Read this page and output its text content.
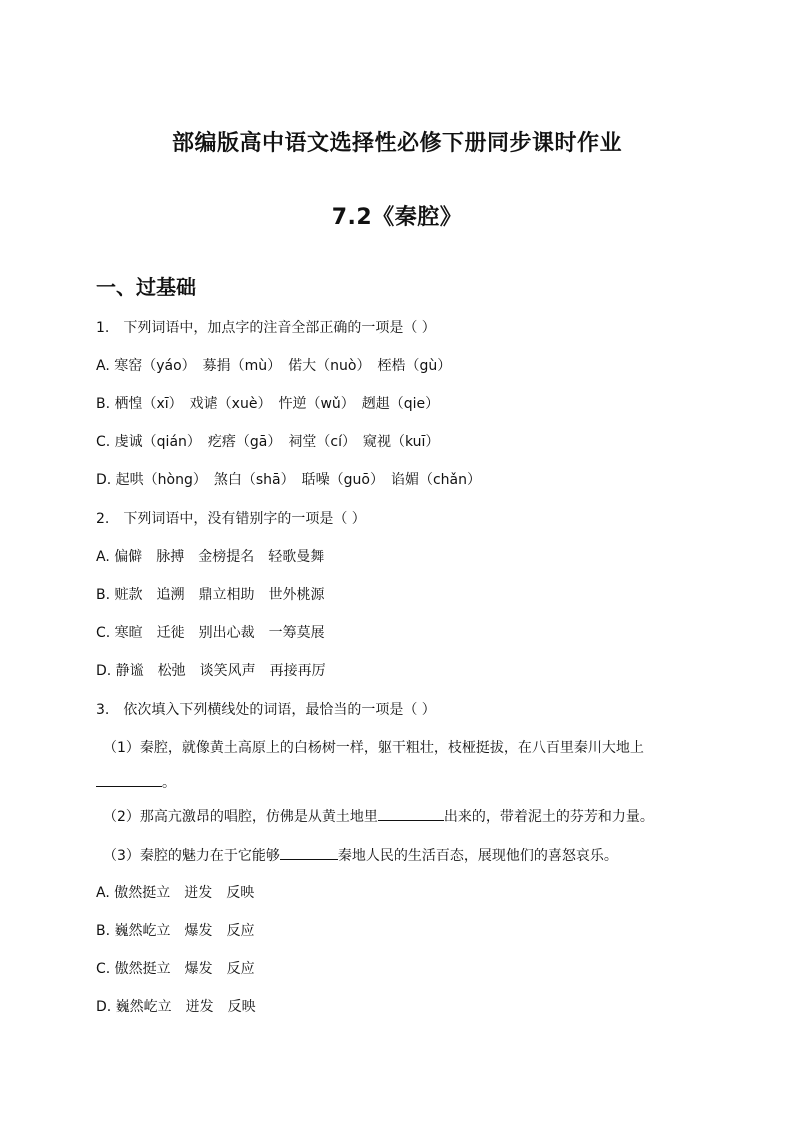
部编版高中语文选择性必修下册同步课时作业
7.2《秦腔》
一、过基础
1.　下列词语中，加点字的注音全部正确的一项是（ ）
A. 寒窑（yáo）　募捐（mù）　偌大（nuò）　桎梏（gù）
B. 栖惶（xī）　戏谑（xuè）　忤逆（wǔ）　趔趄（qie）
C. 虔诚（qián）　疙瘩（gā）　祠堂（cí）　窥视（kuī）
D. 起哄（hòng）　煞白（shā）　聒噪（guō）　谄媚（chǎn）
2.　下列词语中，没有错别字的一项是（ ）
A. 偏僻　脉搏　金榜提名　轻歌曼舞
B. 赃款　追溯　鼎立相助　世外桃源
C. 寒暄　迁徙　别出心裁　一筹莫展
D. 静谧　松弛　谈笑风声　再接再厉
3.　依次填入下列横线处的词语，最恰当的一项是（ ）
（1）秦腔，就像黄土高原上的白杨树一样，躯干粗壮，枝桠挺拔，在八百里秦川大地上
。
（2）那高亢激昂的唱腔，仿佛是从黄土地里	出来的，带着泥土的芬芳和力量。
（3）秦腔的魅力在于它能够	秦地人民的生活百态，展现他们的喜怒哀乐。
A. 傲然挺立　迸发　反映
B. 巍然屹立　爆发　反应
C. 傲然挺立　爆发　反应
D. 巍然屹立　迸发　反映
